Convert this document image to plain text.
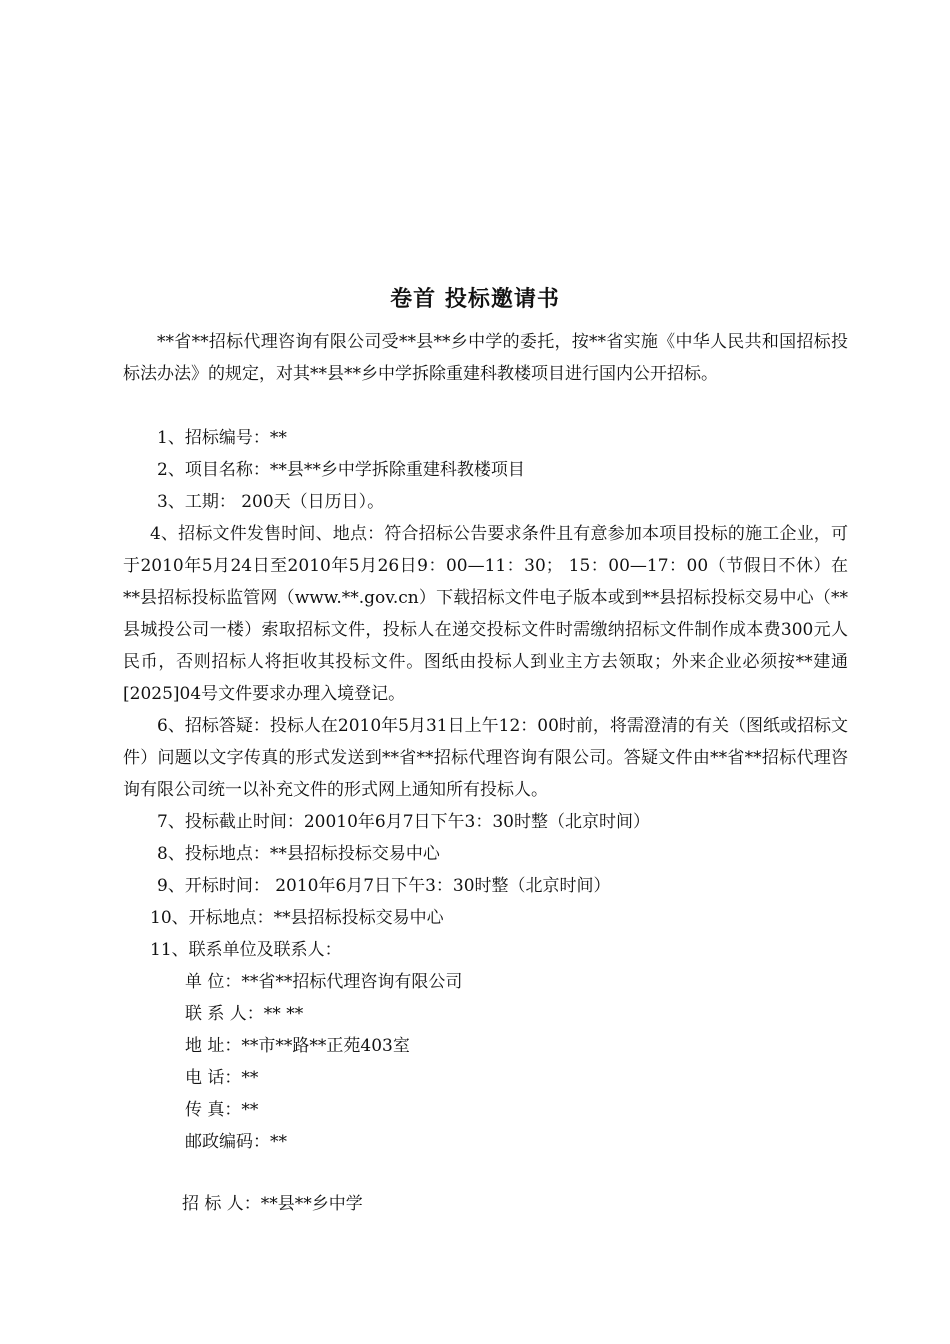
卷首 投标邀请书

**省**招标代理咨询有限公司受**县**乡中学的委托，按**省实施《中华人民共和国招标投标法办法》的规定，对其**县**乡中学拆除重建科教楼项目进行国内公开招标。

1、招标编号：**

2、项目名称：**县**乡中学拆除重建科教楼项目

3、工期： 200天（日历日）。

4、招标文件发售时间、地点：符合招标公告要求条件且有意参加本项目投标的施工企业，可于2010年5月24日至2010年5月26日9：00—11：30； 15：00—17：00（节假日不休）在**县招标投标监管网（www.**.gov.cn）下载招标文件电子版本或到**县招标投标交易中心（**县城投公司一楼）索取招标文件，投标人在递交投标文件时需缴纳招标文件制作成本费300元人民币，否则招标人将拒收其投标文件。图纸由投标人到业主方去领取；外来企业必须按**建通[2025]04号文件要求办理入境登记。

6、招标答疑：投标人在2010年5月31日上午12：00时前，将需澄清的有关（图纸或招标文件）问题以文字传真的形式发送到**省**招标代理咨询有限公司。答疑文件由**省**招标代理咨询有限公司统一以补充文件的形式网上通知所有投标人。

7、投标截止时间：20010年6月7日下午3：30时整（北京时间）

8、投标地点：**县招标投标交易中心

9、开标时间： 2010年6月7日下午3：30时整（北京时间）

10、开标地点：**县招标投标交易中心

11、联系单位及联系人：

单 位：**省**招标代理咨询有限公司

联 系 人：** **

地 址：**市**路**正苑403室

电 话：**

传 真：**

邮政编码：**

招 标 人：**县**乡中学
